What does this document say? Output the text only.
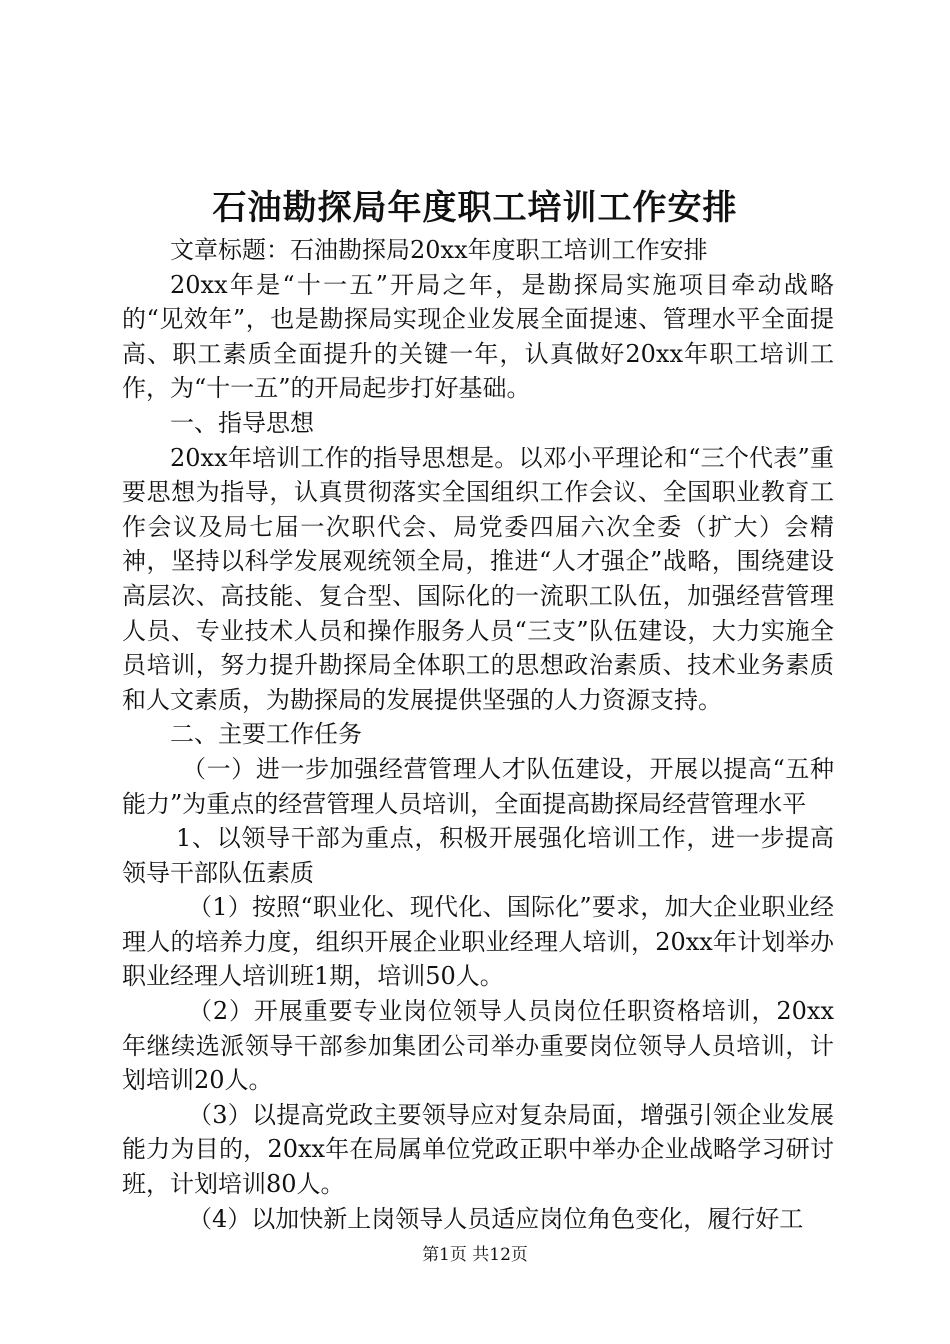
石油勘探局年度职工培训工作安排

文章标题：石油勘探局20xx年度职工培训工作安排

20xx年是“十一五”开局之年，是勘探局实施项目牵动战略的“见效年”，也是勘探局实现企业发展全面提速、管理水平全面提高、职工素质全面提升的关键一年，认真做好20xx年职工培训工作，为“十一五”的开局起步打好基础。

一、指导思想

20xx年培训工作的指导思想是。以邓小平理论和“三个代表”重要思想为指导，认真贯彻落实全国组织工作会议、全国职业教育工作会议及局七届一次职代会、局党委四届六次全委（扩大）会精神，坚持以科学发展观统领全局，推进“人才强企”战略，围绕建设高层次、高技能、复合型、国际化的一流职工队伍，加强经营管理人员、专业技术人员和操作服务人员“三支”队伍建设，大力实施全员培训，努力提升勘探局全体职工的思想政治素质、技术业务素质和人文素质，为勘探局的发展提供坚强的人力资源支持。

二、主要工作任务

（一）进一步加强经营管理人才队伍建设，开展以提高“五种能力”为重点的经营管理人员培训，全面提高勘探局经营管理水平

1、以领导干部为重点，积极开展强化培训工作，进一步提高领导干部队伍素质

（1）按照“职业化、现代化、国际化”要求，加大企业职业经理人的培养力度，组织开展企业职业经理人培训，20xx年计划举办职业经理人培训班1期，培训50人。

（2）开展重要专业岗位领导人员岗位任职资格培训，20xx年继续选派领导干部参加集团公司举办重要岗位领导人员培训，计划培训20人。

（3）以提高党政主要领导应对复杂局面，增强引领企业发展能力为目的，20xx年在局属单位党政正职中举办企业战略学习研讨班，计划培训80人。

（4）以加快新上岗领导人员适应岗位角色变化，履行好工

第1页 共12页
